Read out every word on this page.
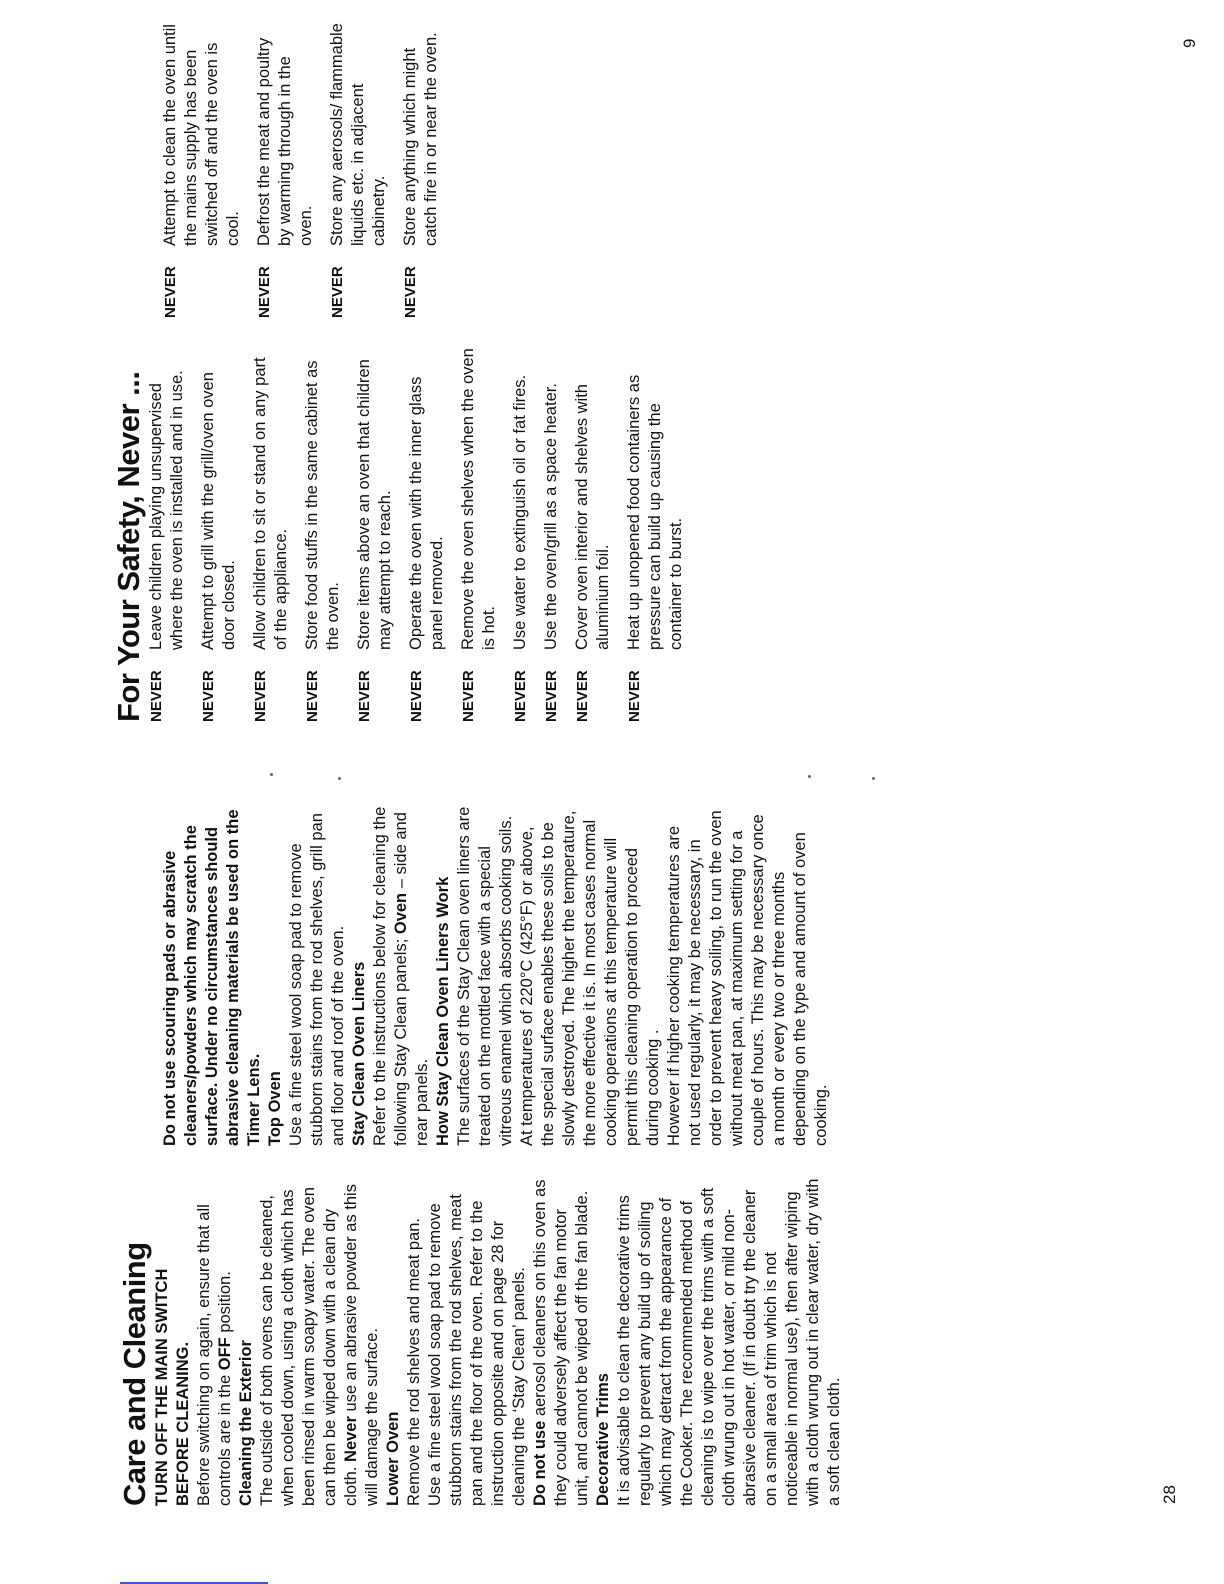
Care and Cleaning TURN OFF THE MAIN SWITCH BEFORE CLEANING. Before switching on again, ensure that all controls are in the OFF position.

Cleaning the Exterior The outside of both ovens can be cleaned, when cooled down, using a cloth which has been rinsed in warm soapy water. The oven can then be wiped down with a clean dry cloth. Never use an abrasive powder as this will damage the surface. Lower Oven Remove the rod shelves and meat pan. Use a fine steel wool soap pad to remove stubborn stains from the rod shelves, meat pan and the floor of the oven. Refer to the instruction opposite and on page 28 for cleaning the ‘Stay Clean’ panels. Do not use aerosol cleaners on this oven as they could adversely affect the fan motor unit, and cannot be wiped off the fan blade. Decorative Trims It is advisable to clean the decorative trims regularly to prevent any build up of soiling which may detract from the appearance of the Cooker. The recommended method of cleaning is to wipe over the trims with a soft cloth wrung out in hot water, or mild non-abrasive cleaner. (If in doubt try the cleaner on a small area of trim which is not noticeable in normal use), then after wiping with a cloth wrung out in clear water, dry with a soft clean cloth.

Do not use scouring pads or abrasive cleaners/powders which may scratch the surface. Under no circumstances should abrasive cleaning materials be used on the Timer Lens. Top Oven Use a fine steel wool soap pad to remove stubborn stains from the rod shelves, grill pan and floor and roof of the oven. Stay Clean Oven Liners Refer to the instructions below for cleaning the following Stay Clean panels; Oven – side and rear panels. How Stay Clean Oven Liners Work The surfaces of the Stay Clean oven liners are treated on the mottled face with a special vitreous enamel which absorbs cooking soils. At temperatures of 220°C (425°F) or above, the special surface enables these soils to be slowly destroyed. The higher the temperature, the more effective it is. In most cases normal cooking operations at this temperature will permit this cleaning operation to proceed during cooking .
However if higher cooking temperatures are not used regularly, it may be necessary, in order to prevent heavy soiling, to run the oven without meat pan, at maximum setting for a couple of hours. This may be necessary once a month or every two or three months depending on the type and amount of oven cooking.

For Your Safety, Never ... NEVER
Leave children playing unsupervised where the oven is installed and in use.
NEVER
Attempt to grill with the grill/oven oven door closed.
NEVER
Allow children to sit or stand on any part of the appliance.
NEVER
Store food stuffs in the same cabinet as the oven.
NEVER
Store items above an oven that children may attempt to reach.
NEVER
Operate the oven with the inner glass panel removed.
NEVER
Remove the oven shelves when the oven is hot.
NEVER
Use water to extinguish oil or fat fires.
NEVER
Use the oven/grill as a space heater.
NEVER
Cover oven interior and shelves with aluminium foil.
NEVER
Heat up unopened food containers as pressure can build up causing the container to burst.
NEVER
Attempt to clean the oven until the mains supply has been switched off and the oven is cool.
NEVER
Defrost the meat and poultry by warming through in the oven.
NEVER
Store any aerosols/ flammable liquids etc. in adjacent cabinetry.
NEVER
Store anything which might catch fire in or near the oven.
28
9
